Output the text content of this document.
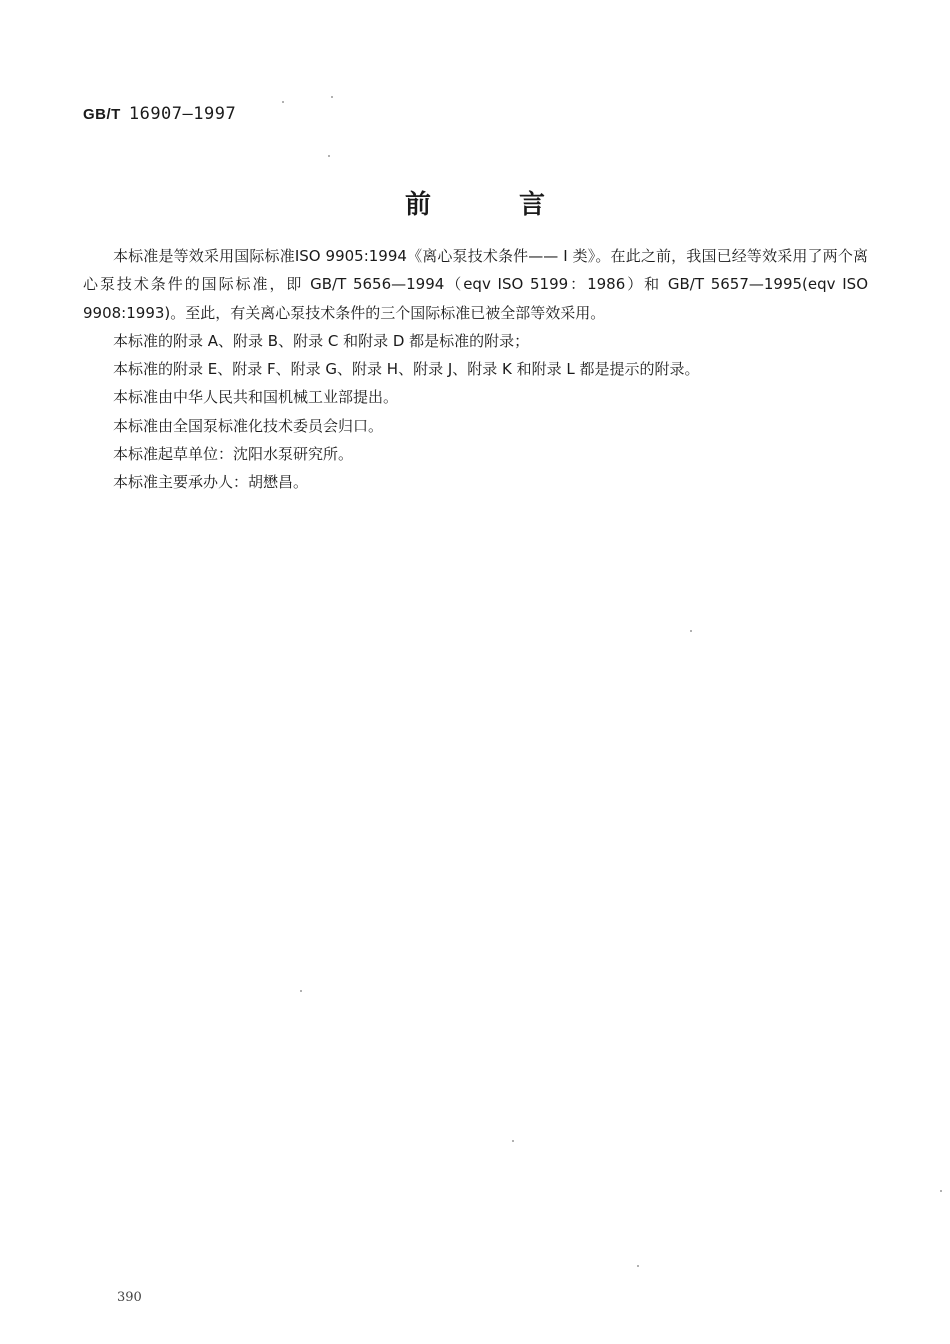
GB/T 16907—1997
前言

本标准是等效采用国际标准ISO 9905:1994《离心泵技术条件—— I 类》。在此之前，我国已经等效采用了两个离心泵技术条件的国际标准，即 GB/T 5656—1994（eqv ISO 5199：1986）和 GB/T 5657—1995(eqv ISO 9908:1993)。至此，有关离心泵技术条件的三个国际标准已被全部等效采用。

本标准的附录 A、附录 B、附录 C 和附录 D 都是标准的附录；

本标准的附录 E、附录 F、附录 G、附录 H、附录 J、附录 K 和附录 L 都是提示的附录。

本标准由中华人民共和国机械工业部提出。

本标准由全国泵标准化技术委员会归口。

本标准起草单位：沈阳水泵研究所。

本标准主要承办人：胡懋昌。

390
